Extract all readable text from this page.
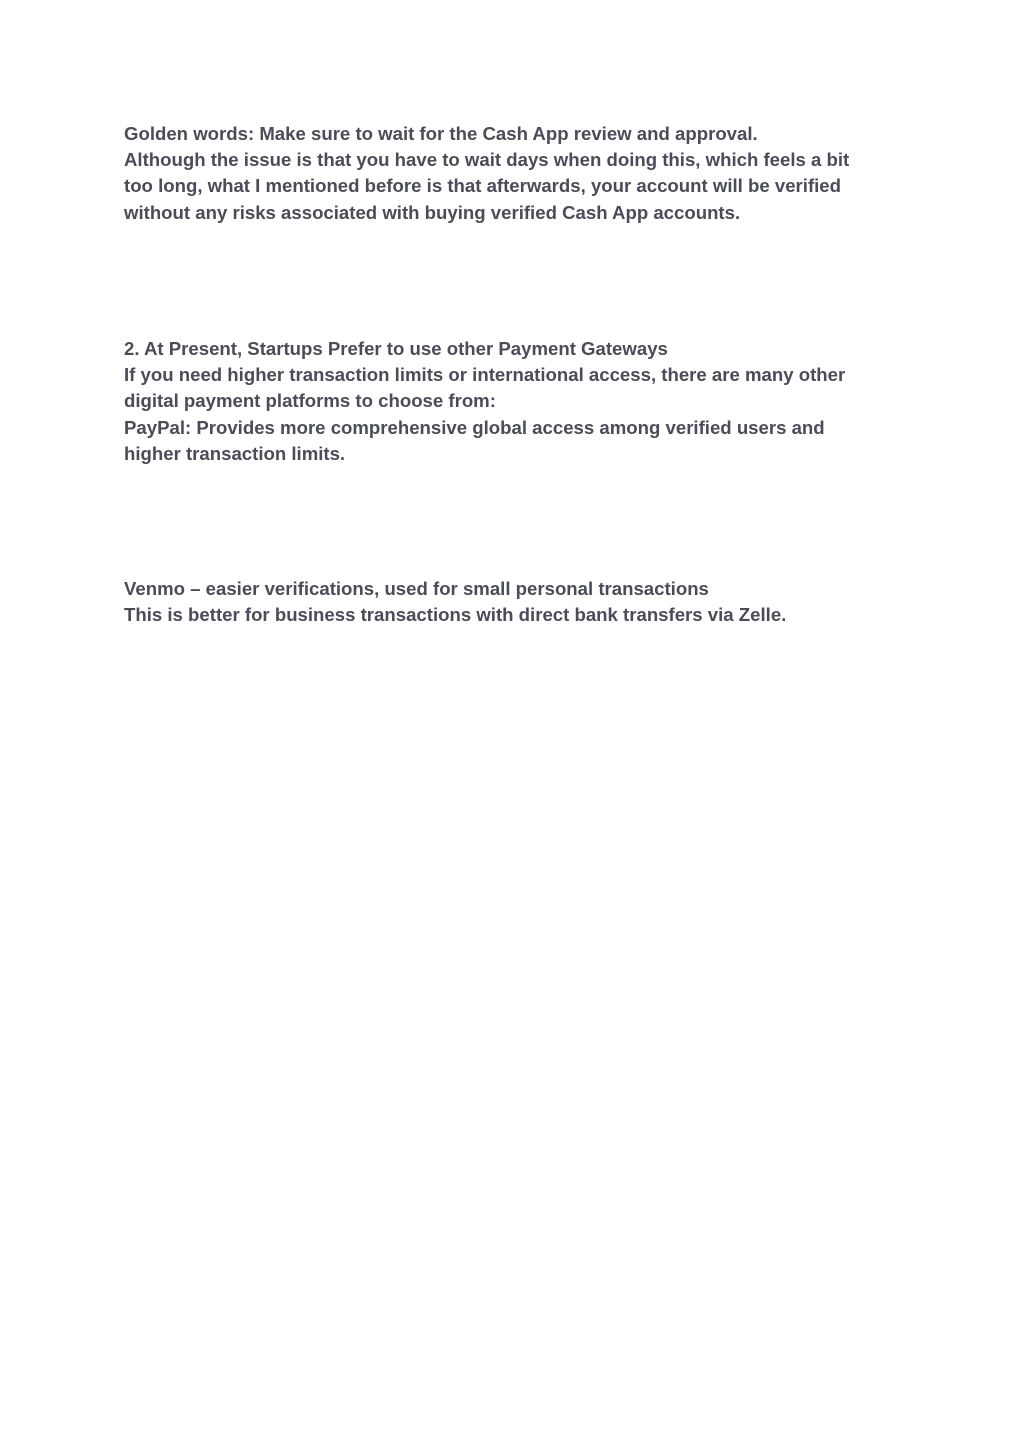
Golden words: Make sure to wait for the Cash App review and approval.
Although the issue is that you have to wait days when doing this, which feels a bit
too long, what I mentioned before is that afterwards, your account will be verified
without any risks associated with buying verified Cash App accounts.

2. At Present, Startups Prefer to use other Payment Gateways
If you need higher transaction limits or international access, there are many other
digital payment platforms to choose from:
PayPal: Provides more comprehensive global access among verified users and
higher transaction limits.

Venmo – easier verifications, used for small personal transactions
This is better for business transactions with direct bank transfers via Zelle.
